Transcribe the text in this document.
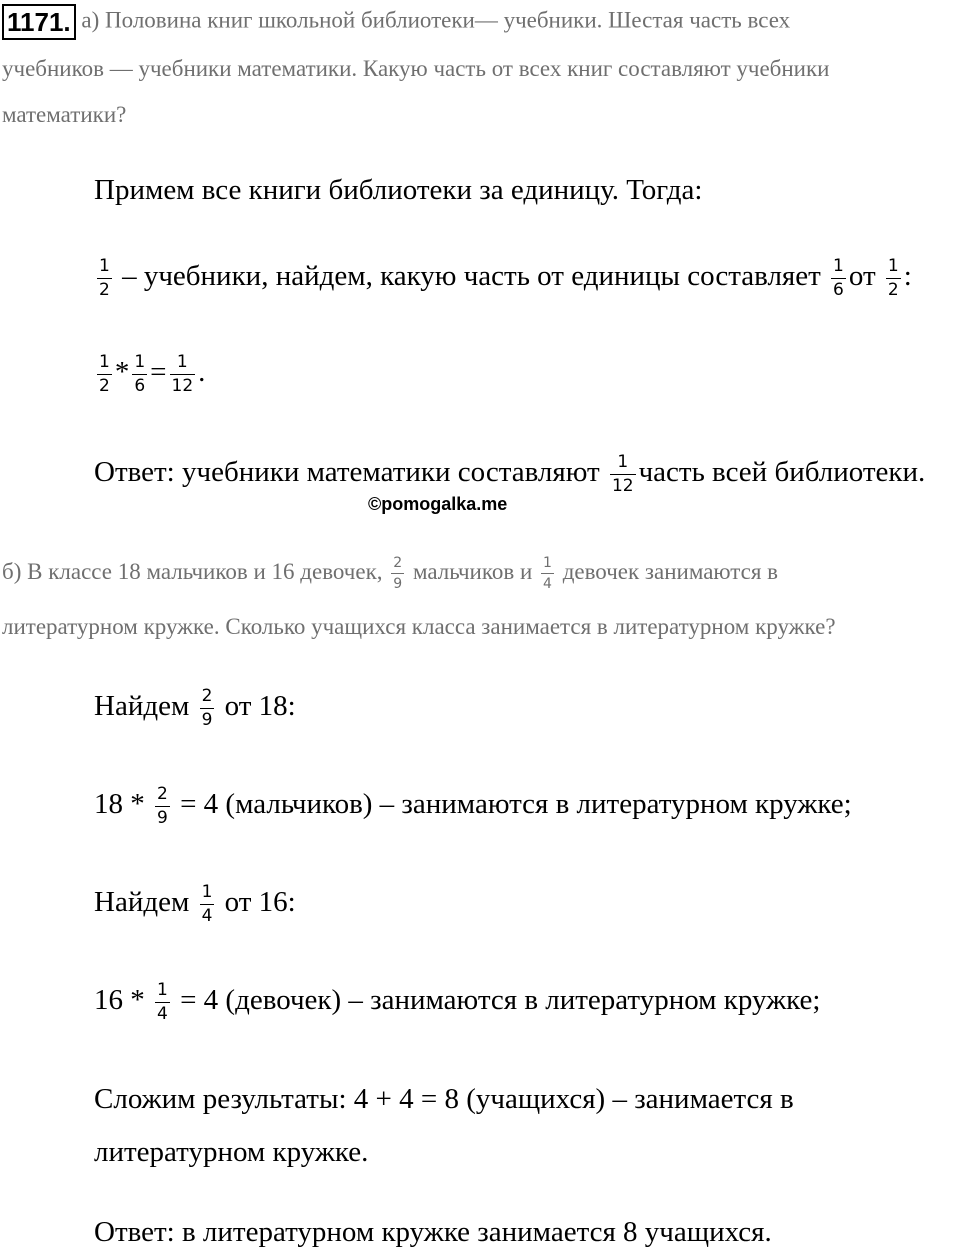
1171. а) Половина книг школьной библиотеки— учебники. Шестая часть всех
учебников — учебники математики. Какую часть от всех книг составляют учебники
математики?
Примем все книги библиотеки за единицу. Тогда:
$\frac{1}{2}$ – учебники, найдем, какую часть от единицы составляет $\frac{1}{6}$ от $\frac{1}{2}$ :
$\frac{1}{2} * \frac{1}{6} = \frac{1}{12}$ .
Ответ: учебники математики составляют $\frac{1}{12}$ часть всей библиотеки.
©pomogalka.me
б) В классе 18 мальчиков и 16 девочек, $\frac{2}{9}$ мальчиков и $\frac{1}{4}$ девочек занимаются в
литературном кружке. Сколько учащихся класса занимается в литературном кружке?
Найдем $\frac{2}{9}$ от 18:
$18 * \frac{2}{9} = 4$ (мальчиков) – занимаются в литературном кружке;
Найдем $\frac{1}{4}$ от 16:
$16 * \frac{1}{4} = 4$ (девочек) – занимаются в литературном кружке;
Сложим результаты: 4 + 4 = 8 (учащихся) – занимается в
литературном кружке.
Ответ: в литературном кружке занимается 8 учащихся.
